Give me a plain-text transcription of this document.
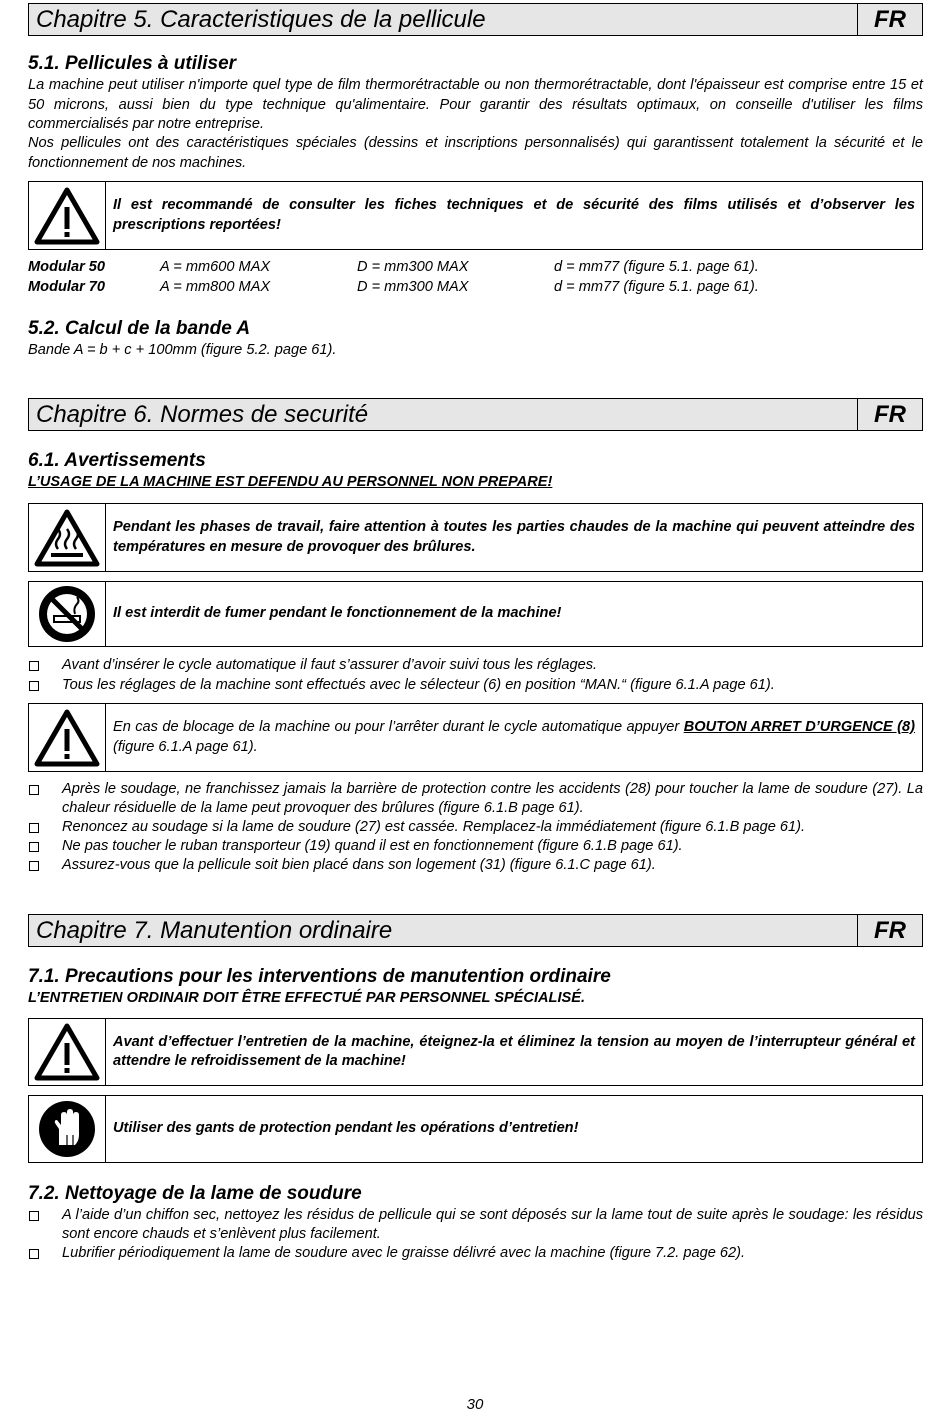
Chapitre 5. Caracteristiques de la pellicule	FR
5.1. Pellicules à utiliser

La machine peut utiliser n'importe quel type de film thermorétractable ou non thermorétractable, dont l'épaisseur est comprise entre 15 et 50 microns, aussi bien du type technique qu'alimentaire. Pour garantir des résultats optimaux, on conseille d'utiliser les films commercialisés par notre entreprise.

Nos pellicules ont des caractéristiques spéciales (dessins et inscriptions personnalisés) qui garantissent totalement la sécurité et le fonctionnement de nos machines.

Il est recommandé de consulter les fiches techniques et de sécurité des films utilisés et d’observer les prescriptions reportées!
Modular 50	A = mm600 MAX	D = mm300 MAX	d = mm77 (figure 5.1. page 61).
Modular 70	A = mm800 MAX	D = mm300 MAX	d = mm77 (figure 5.1. page 61).
5.2. Calcul de la bande A
Bande A = b + c + 100mm (figure 5.2. page 61).
Chapitre 6. Normes de securité	FR
6.1. Avertissements
L’USAGE DE LA MACHINE EST DEFENDU AU PERSONNEL NON PREPARE!
Pendant les phases de travail, faire attention à toutes les parties chaudes de la machine qui peuvent atteindre des températures en mesure de provoquer des brûlures.
Il est interdit de fumer pendant le fonctionnement de la machine!
Avant d’insérer le cycle automatique il faut s’assurer d’avoir suivi tous les réglages.
Tous les réglages de la machine sont effectués avec le sélecteur (6) en position “MAN.“ (figure 6.1.A page 61).
En cas de blocage de la machine ou pour l’arrêter durant le cycle automatique appuyer BOUTON ARRET D’URGENCE (8) (figure 6.1.A page 61).
Après le soudage, ne franchissez jamais la barrière de protection contre les accidents (28) pour toucher la lame de soudure (27). La chaleur résiduelle de la lame peut provoquer des brûlures (figure 6.1.B page 61).
Renoncez au soudage si la lame de soudure (27) est cassée. Remplacez-la immédiatement (figure 6.1.B page 61).
Ne pas toucher le ruban transporteur (19) quand il est en fonctionnement (figure 6.1.B page 61).
Assurez-vous que la pellicule soit bien placé dans son logement (31) (figure 6.1.C page 61).
Chapitre 7. Manutention ordinaire	FR
7.1. Precautions pour les interventions de manutention ordinaire
L’ENTRETIEN ORDINAIR DOIT ÊTRE EFFECTUÉ PAR PERSONNEL SPÉCIALISÉ.
Avant d’effectuer l’entretien de la machine, éteignez-la et éliminez la tension au moyen de l’interrupteur général et attendre le refroidissement de la machine!
Utiliser des gants de protection pendant les opérations d’entretien!
7.2. Nettoyage de la lame de soudure
A l’aide d’un chiffon sec, nettoyez les résidus de pellicule qui se sont déposés sur la lame tout de suite après le soudage: les résidus sont encore chauds et s’enlèvent plus facilement.
Lubrifier périodiquement la lame de soudure avec le graisse délivré avec la machine (figure 7.2. page 62).
30
